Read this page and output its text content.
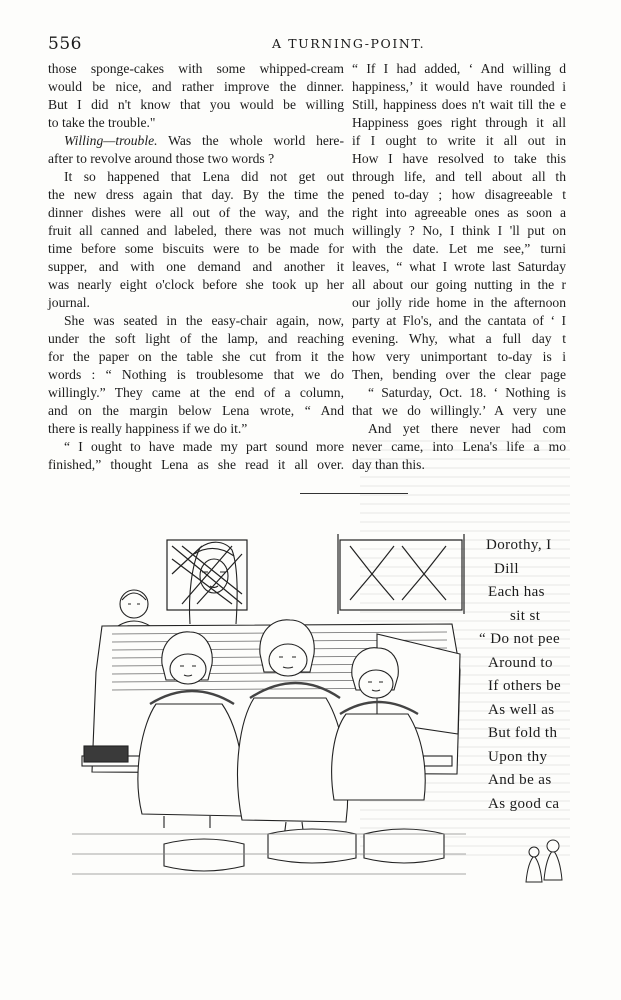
556	A TURNING-POINT.
those sponge-cakes with some whipped-cream
would be nice, and rather improve the dinner.
But I did n't know that you would be willing
to take the trouble."
Willing—trouble. Was the whole world here-
after to revolve around those two words ?
It so happened that Lena did not get out
the new dress again that day. By the time the
dinner dishes were all out of the way, and the
fruit all canned and labeled, there was not much
time before some biscuits were to be made for
supper, and with one demand and another it
was nearly eight o'clock before she took up her
journal.
She was seated in the easy-chair again, now,
under the soft light of the lamp, and reaching
for the paper on the table she cut from it the
words : “ Nothing is troublesome that we do
willingly.” They came at the end of a column,
and on the margin below Lena wrote, “ And
there is really happiness if we do it.”
“ I ought to have made my part sound more
finished,” thought Lena as she read it all over.
“ If I had added, ‘ And willing d
happiness,’ it would have rounded i
Still, happiness does n't wait till the e
Happiness goes right through it all
if I ought to write it all out in
How I have resolved to take this
through life, and tell about all th
pened to-day ; how disagreeable t
right into agreeable ones as soon a
willingly ? No, I think I 'll put on
with the date. Let me see,” turni
leaves, “ what I wrote last Saturday
all about our going nutting in the r
our jolly ride home in the afternoon
party at Flo's, and the cantata of ‘ I
evening. Why, what a full day t
how very unimportant to-day is i
Then, bending over the clear page
“ Saturday, Oct. 18. ‘ Nothing is
that we do willingly.’ A very une
And yet there never had com
never came, into Lena's life a mo
day than this.
Dorothy, I
Dill
Each has
sit st
“ Do not pee
Around to
If others be
As well as
But fold th
Upon thy
And be as
As good ca
